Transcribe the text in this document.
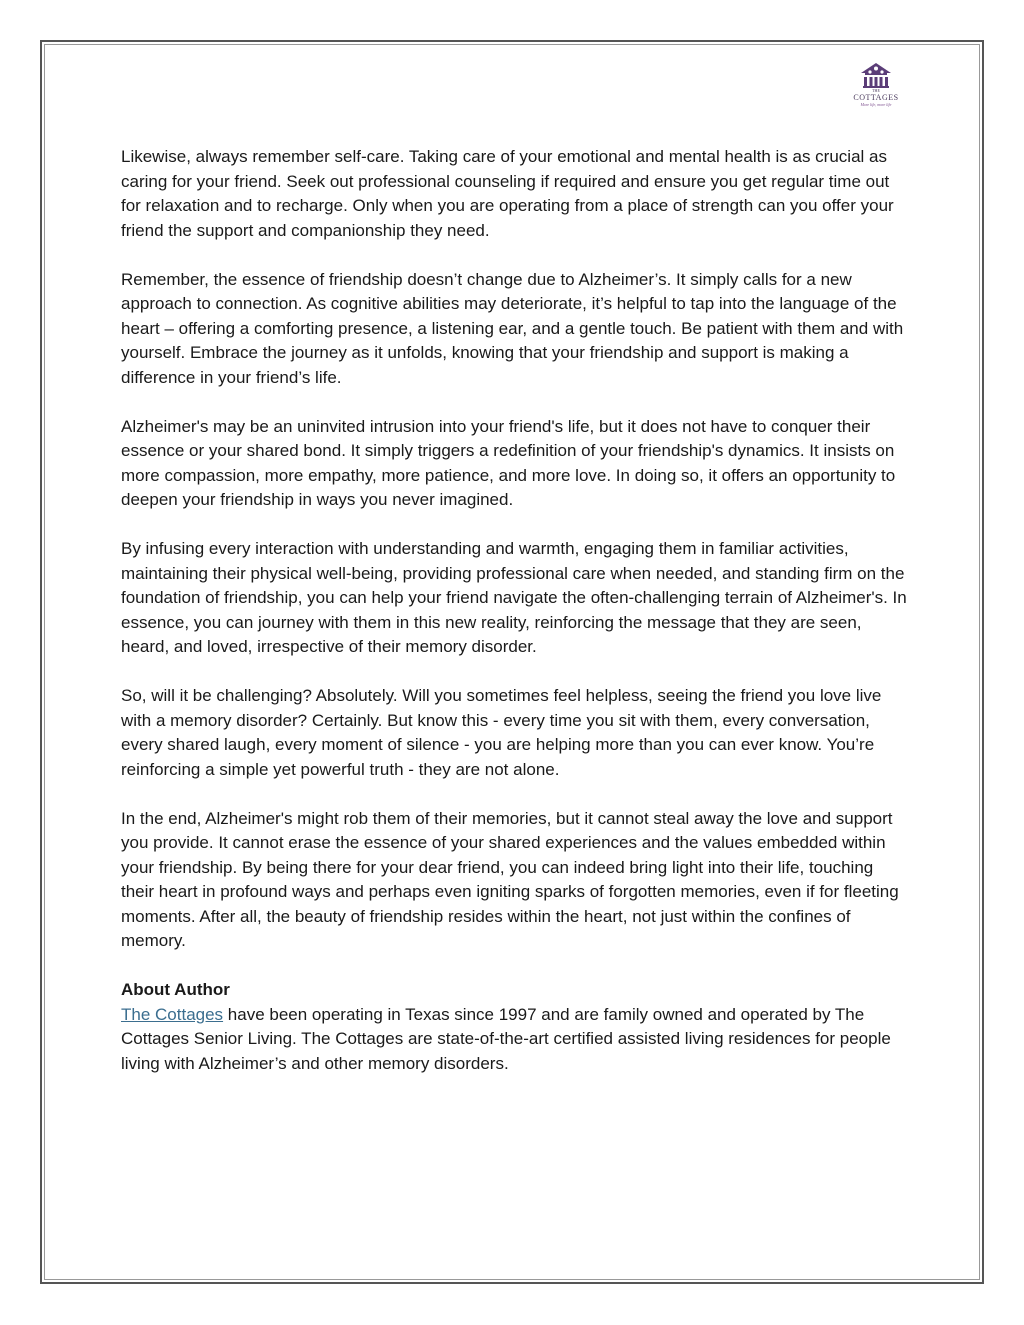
THE
COTTAGES
More life, more life

Likewise, always remember self-care. Taking care of your emotional and mental health is as crucial as caring for your friend. Seek out professional counseling if required and ensure you get regular time out for relaxation and to recharge. Only when you are operating from a place of strength can you offer your friend the support and companionship they need.

Remember, the essence of friendship doesn’t change due to Alzheimer’s. It simply calls for a new approach to connection. As cognitive abilities may deteriorate, it’s helpful to tap into the language of the heart – offering a comforting presence, a listening ear, and a gentle touch. Be patient with them and with yourself. Embrace the journey as it unfolds, knowing that your friendship and support is making a difference in your friend’s life.

Alzheimer's may be an uninvited intrusion into your friend's life, but it does not have to conquer their essence or your shared bond. It simply triggers a redefinition of your friendship's dynamics. It insists on more compassion, more empathy, more patience, and more love. In doing so, it offers an opportunity to deepen your friendship in ways you never imagined.

By infusing every interaction with understanding and warmth, engaging them in familiar activities, maintaining their physical well-being, providing professional care when needed, and standing firm on the foundation of friendship, you can help your friend navigate the often-challenging terrain of Alzheimer's. In essence, you can journey with them in this new reality, reinforcing the message that they are seen, heard, and loved, irrespective of their memory disorder.

So, will it be challenging? Absolutely. Will you sometimes feel helpless, seeing the friend you love live with a memory disorder? Certainly. But know this - every time you sit with them, every conversation, every shared laugh, every moment of silence - you are helping more than you can ever know. You’re reinforcing a simple yet powerful truth - they are not alone.

In the end, Alzheimer's might rob them of their memories, but it cannot steal away the love and support you provide. It cannot erase the essence of your shared experiences and the values embedded within your friendship. By being there for your dear friend, you can indeed bring light into their life, touching their heart in profound ways and perhaps even igniting sparks of forgotten memories, even if for fleeting moments. After all, the beauty of friendship resides within the heart, not just within the confines of memory.

About Author
The Cottages have been operating in Texas since 1997 and are family owned and operated by The Cottages Senior Living. The Cottages are state-of-the-art certified assisted living residences for people living with Alzheimer’s and other memory disorders.
